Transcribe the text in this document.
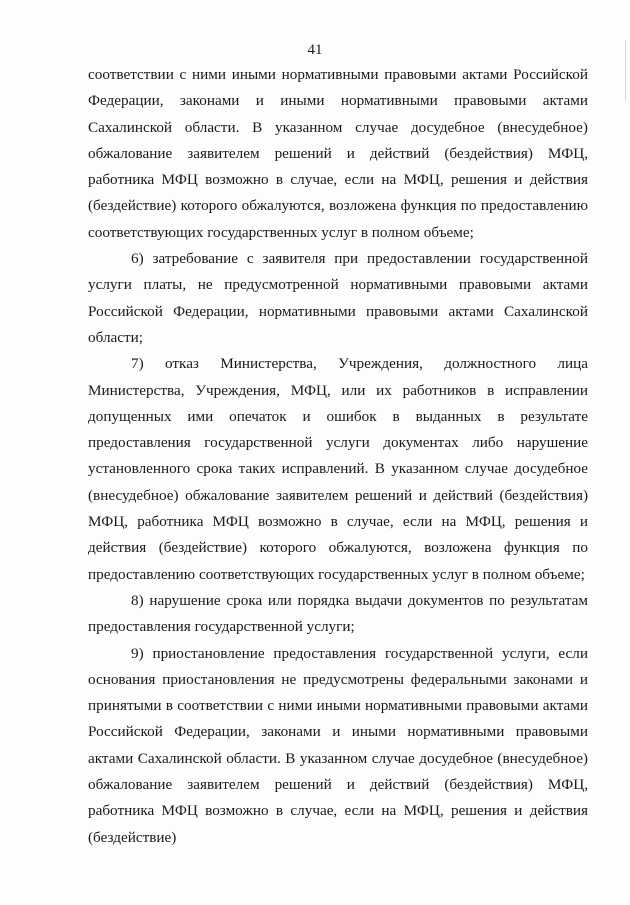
41

соответствии с ними иными нормативными правовыми актами Российской Федерации, законами и иными нормативными правовыми актами Сахалинской области. В указанном случае досудебное (внесудебное) обжалование заявителем решений и действий (бездействия) МФЦ, работника МФЦ возможно в случае, если на МФЦ, решения и действия (бездействие) которого обжалуются, возложена функция по предоставлению соответствующих государственных услуг в полном объеме;

6) затребование с заявителя при предоставлении государственной услуги платы, не предусмотренной нормативными правовыми актами Российской Федерации, нормативными правовыми актами Сахалинской области;

7) отказ Министерства, Учреждения, должностного лица Министерства, Учреждения, МФЦ, или их работников в исправлении допущенных ими опечаток и ошибок в выданных в результате предоставления государственной услуги документах либо нарушение установленного срока таких исправлений. В указанном случае досудебное (внесудебное) обжалование заявителем решений и действий (бездействия) МФЦ, работника МФЦ возможно в случае, если на МФЦ, решения и действия (бездействие) которого обжалуются, возложена функция по предоставлению соответствующих государственных услуг в полном объеме;

8) нарушение срока или порядка выдачи документов по результатам предоставления государственной услуги;

9) приостановление предоставления государственной услуги, если основания приостановления не предусмотрены федеральными законами и принятыми в соответствии с ними иными нормативными правовыми актами Российской Федерации, законами и иными нормативными правовыми актами Сахалинской области. В указанном случае досудебное (внесудебное) обжалование заявителем решений и действий (бездействия) МФЦ, работника МФЦ возможно в случае, если на МФЦ, решения и действия (бездействие)
